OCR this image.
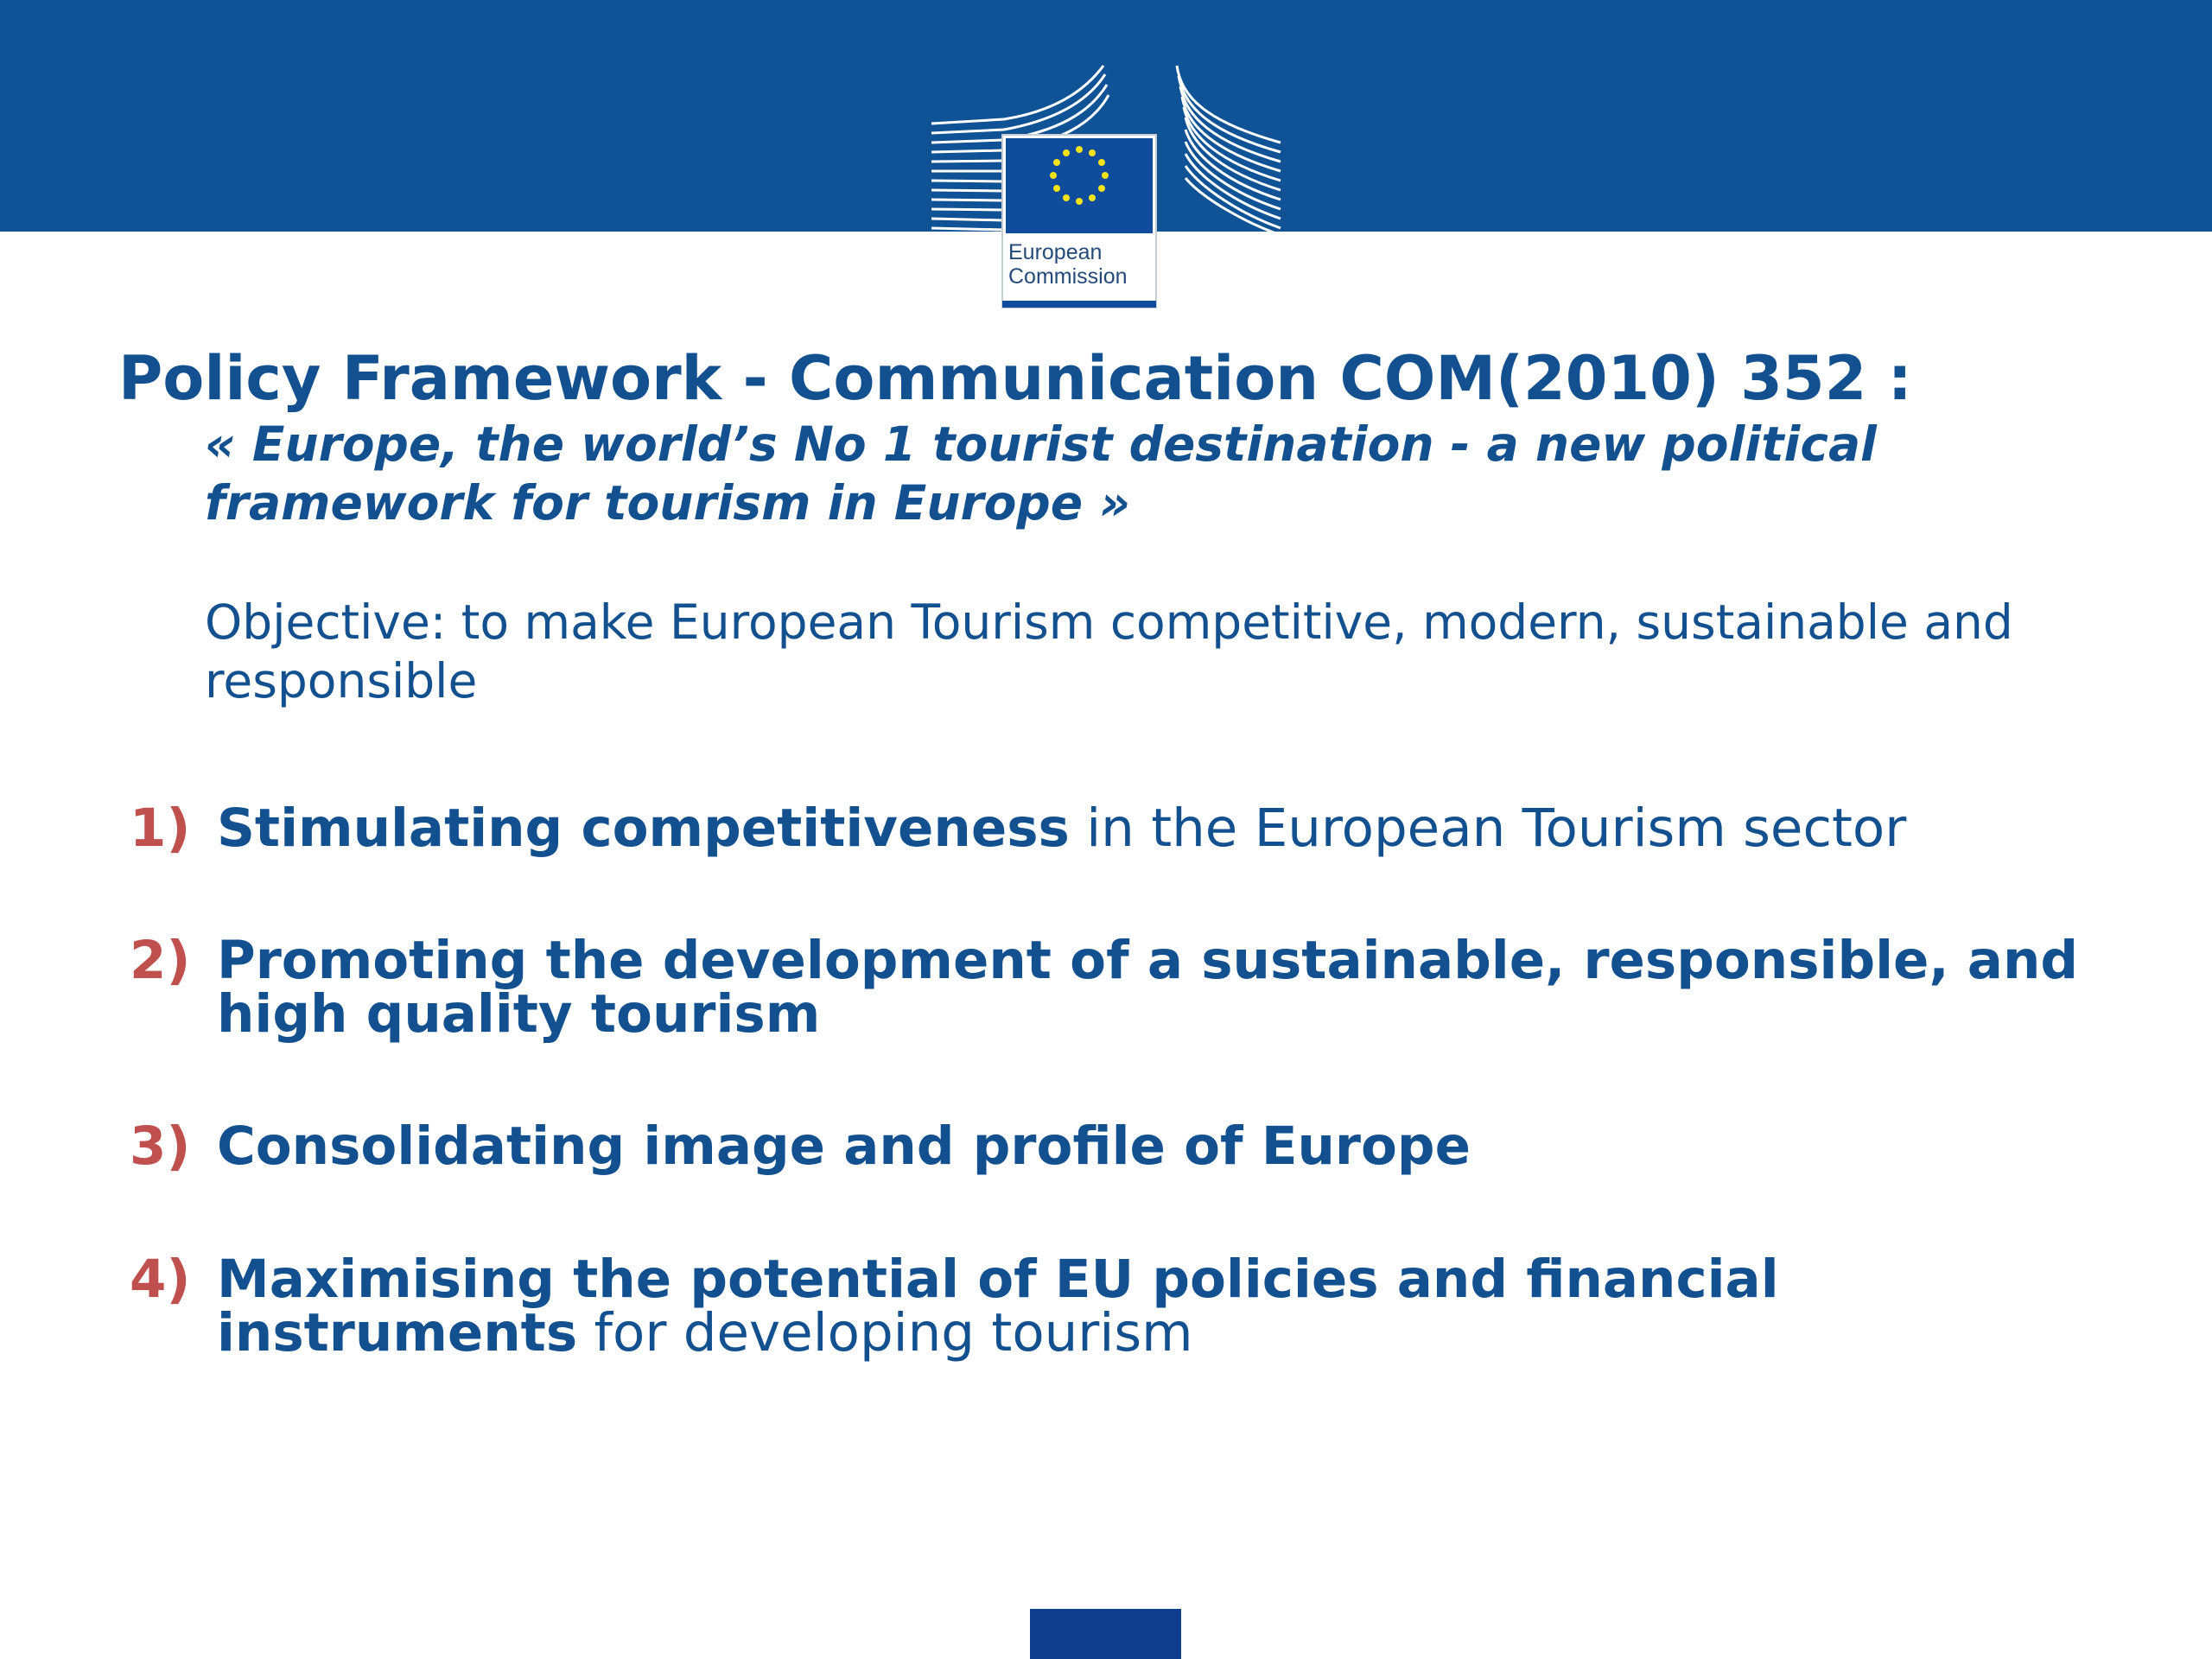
European
Commission
Policy Framework - Communication COM(2010) 352 :
« Europe, the world’s No 1 tourist destination - a new political framework for tourism in Europe »
Objective: to make European Tourism competitive, modern, sustainable and responsible
1) Stimulating competitiveness in the European Tourism sector
2) Promoting the development of a sustainable, responsible, and high quality tourism
3) Consolidating image and profile of Europe
4) Maximising the potential of EU policies and financial instruments for developing tourism
